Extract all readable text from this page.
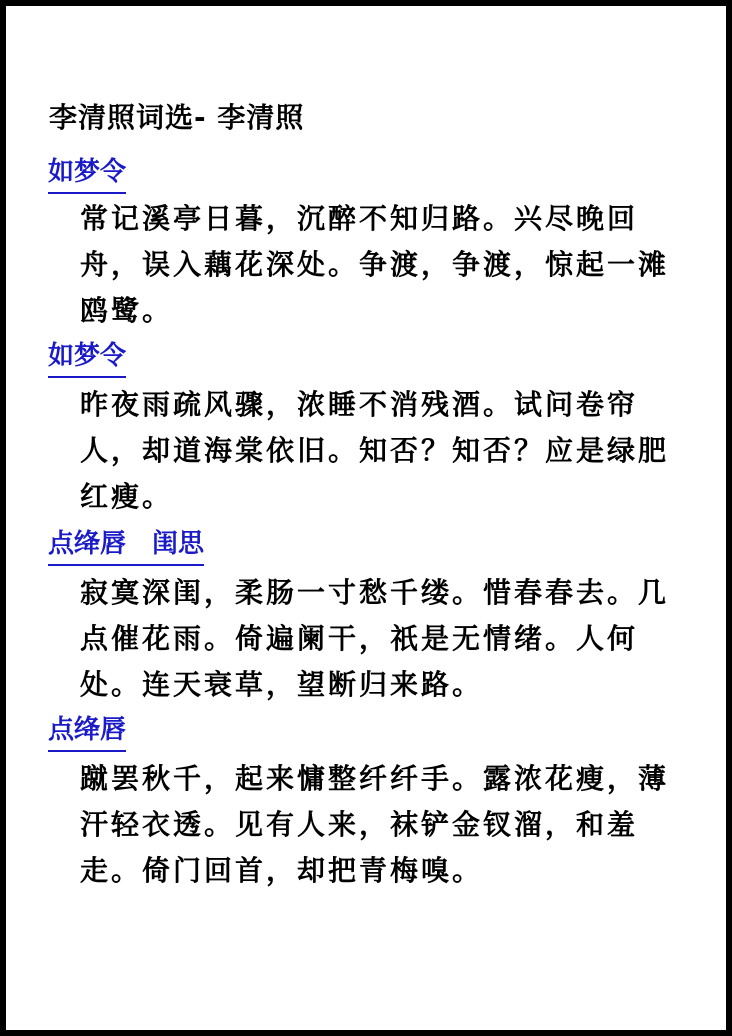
李清照词选- 李清照
如梦令
常记溪亭日暮，沉醉不知归路。兴尽晚回舟，误入藕花深处。争渡，争渡，惊起一滩鸥鹭。
如梦令
昨夜雨疏风骤，浓睡不消残酒。试问卷帘人，却道海棠依旧。知否？知否？应是绿肥红瘦。
点绛唇 闺思
寂寞深闺，柔肠一寸愁千缕。惜春春去。几点催花雨。倚遍阑干，祇是无情绪。人何处。连天衰草，望断归来路。
点绛唇
蹴罢秋千，起来慵整纤纤手。露浓花瘦，薄汗轻衣透。见有人来，袜铲金钗溜，和羞走。倚门回首，却把青梅嗅。
